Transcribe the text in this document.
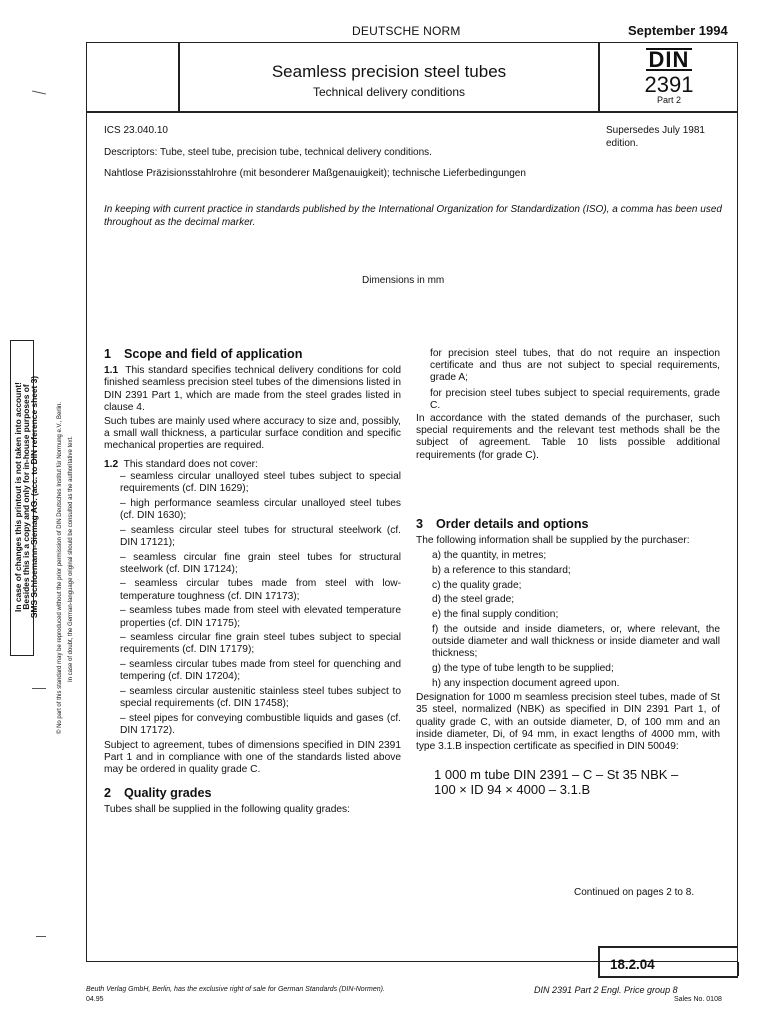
DEUTSCHE NORM	September 1994
Seamless precision steel tubes
Technical delivery conditions
DIN
2391
Part 2
ICS 23.040.10
Descriptors: Tube, steel tube, precision tube, technical delivery conditions.
Supersedes July 1981 edition.
Nahtlose Präzisionsstahlrohre (mit besonderer Maßgenauigkeit); technische Lieferbedingungen
In keeping with current practice in standards published by the International Organization for Standardization (ISO), a comma has been used throughout as the decimal marker.
Dimensions in mm
1 Scope and field of application

1.1 This standard specifies technical delivery conditions for cold finished seamless precision steel tubes of the dimensions listed in DIN 2391 Part 1, which are made from the steel grades listed in clause 4.

Such tubes are mainly used where accuracy to size and, possibly, a small wall thickness, a particular surface condition and specific mechanical properties are required.

1.2 This standard does not cover:

– seamless circular unalloyed steel tubes subject to special requirements (cf. DIN 1629);
– high performance seamless circular unalloyed steel tubes (cf. DIN 1630);
– seamless circular steel tubes for structural steelwork (cf. DIN 17121);
– seamless circular fine grain steel tubes for structural steelwork (cf. DIN 17124);
– seamless circular tubes made from steel with low-temperature toughness (cf. DIN 17173);
– seamless tubes made from steel with elevated temperature properties (cf. DIN 17175);
– seamless circular fine grain steel tubes subject to special requirements (cf. DIN 17179);
– seamless circular tubes made from steel for quenching and tempering (cf. DIN 17204);
– seamless circular austenitic stainless steel tubes subject to special requirements (cf. DIN 17458);
– steel pipes for conveying combustible liquids and gases (cf. DIN 17172).

Subject to agreement, tubes of dimensions specified in DIN 2391 Part 1 and in compliance with one of the standards listed above may be ordered in quality grade C.

2 Quality grades

Tubes shall be supplied in the following quality grades:

for precision steel tubes, that do not require an inspection certificate and thus are not subject to special requirements, grade A;

for precision steel tubes subject to special requirements, grade C.

In accordance with the stated demands of the purchaser, such special requirements and the relevant test methods shall be the subject of agreement. Table 10 lists possible additional requirements (for grade C).

3 Order details and options

The following information shall be supplied by the purchaser:

a) the quantity, in metres;
b) a reference to this standard;
c) the quality grade;
d) the steel grade;
e) the final supply condition;
f) the outside and inside diameters, or, where relevant, the outside diameter and wall thickness or inside diameter and wall thickness;
g) the type of tube length to be supplied;
h) any inspection document agreed upon.

Designation for 1000 m seamless precision steel tubes, made of St 35 steel, normalized (NBK) as specified in DIN 2391 Part 1, of quality grade C, with an outside diameter, D, of 100 mm and an inside diameter, Di, of 94 mm, in exact lengths of 4000 mm, with type 3.1.B inspection certificate as specified in DIN 50049:

1 000 m tube DIN 2391 – C – St 35 NBK –
100 × ID 94 × 4000 – 3.1.B
Continued on pages 2 to 8.
18.2.04
Beuth Verlag GmbH, Berlin, has the exclusive right of sale for German Standards (DIN-Normen).
04.95
DIN 2391 Part 2 Engl. Price group 8
Sales No. 0108
In case of changes this printout is not taken into account!
Besides this is a copy and only for in-house purposes of
SMS Schloemann-Siemag AG. (acc. to DIN reference sheet 3)	© No part of this standard may be reproduced without the prior permission of DIN Deutsches Institut für Normung e.V., Berlin. In case of doubt, the German-language original should be consulted as the authoritative text.
